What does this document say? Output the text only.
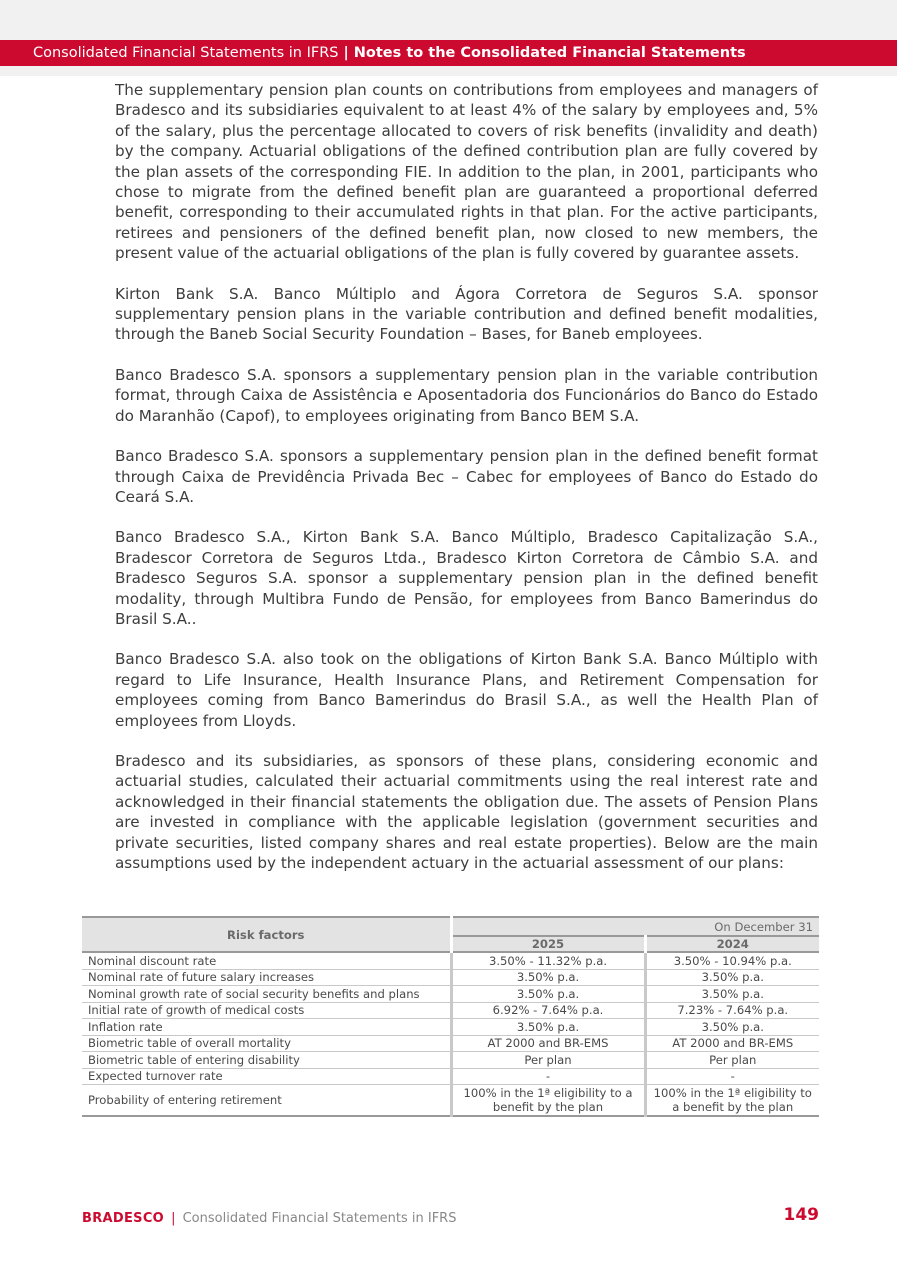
Consolidated Financial Statements in IFRS | Notes to the Consolidated Financial Statements

The supplementary pension plan counts on contributions from employees and managers of Bradesco and its subsidiaries equivalent to at least 4% of the salary by employees and, 5% of the salary, plus the percentage allocated to covers of risk benefits (invalidity and death) by the company. Actuarial obligations of the defined contribution plan are fully covered by the plan assets of the corresponding FIE. In addition to the plan, in 2001, participants who chose to migrate from the defined benefit plan are guaranteed a proportional deferred benefit, corresponding to their accumulated rights in that plan. For the active participants, retirees and pensioners of the defined benefit plan, now closed to new members, the present value of the actuarial obligations of the plan is fully covered by guarantee assets.

Kirton Bank S.A. Banco Múltiplo and Ágora Corretora de Seguros S.A. sponsor supplementary pension plans in the variable contribution and defined benefit modalities, through the Baneb Social Security Foundation – Bases, for Baneb employees.

Banco Bradesco S.A. sponsors a supplementary pension plan in the variable contribution format, through Caixa de Assistência e Aposentadoria dos Funcionários do Banco do Estado do Maranhão (Capof), to employees originating from Banco BEM S.A.

Banco Bradesco S.A. sponsors a supplementary pension plan in the defined benefit format through Caixa de Previdência Privada Bec – Cabec for employees of Banco do Estado do Ceará S.A.

Banco Bradesco S.A., Kirton Bank S.A. Banco Múltiplo, Bradesco Capitalização S.A., Bradescor Corretora de Seguros Ltda., Bradesco Kirton Corretora de Câmbio S.A. and Bradesco Seguros S.A. sponsor a supplementary pension plan in the defined benefit modality, through Multibra Fundo de Pensão, for employees from Banco Bamerindus do Brasil S.A..

Banco Bradesco S.A. also took on the obligations of Kirton Bank S.A. Banco Múltiplo with regard to Life Insurance, Health Insurance Plans, and Retirement Compensation for employees coming from Banco Bamerindus do Brasil S.A., as well the Health Plan of employees from Lloyds.

Bradesco and its subsidiaries, as sponsors of these plans, considering economic and actuarial studies, calculated their actuarial commitments using the real interest rate and acknowledged in their financial statements the obligation due. The assets of Pension Plans are invested in compliance with the applicable legislation (government securities and private securities, listed company shares and real estate properties). Below are the main assumptions used by the independent actuary in the actuarial assessment of our plans:

Risk factors	On December 31	
	2025	2024
Nominal discount rate	3.50% - 11.32% p.a.	3.50% - 10.94% p.a.
Nominal rate of future salary increases	3.50% p.a.	3.50% p.a.
Nominal growth rate of social security benefits and plans	3.50% p.a.	3.50% p.a.
Initial rate of growth of medical costs	6.92% - 7.64% p.a.	7.23% - 7.64% p.a.
Inflation rate	3.50% p.a.	3.50% p.a.
Biometric table of overall mortality	AT 2000 and BR-EMS	AT 2000 and BR-EMS
Biometric table of entering disability	Per plan	Per plan
Expected turnover rate	-	-
Probability of entering retirement	100% in the 1ª eligibility to a benefit by the plan	100% in the 1ª eligibility to a benefit by the plan
BRADESCO | Consolidated Financial Statements in IFRS	149
